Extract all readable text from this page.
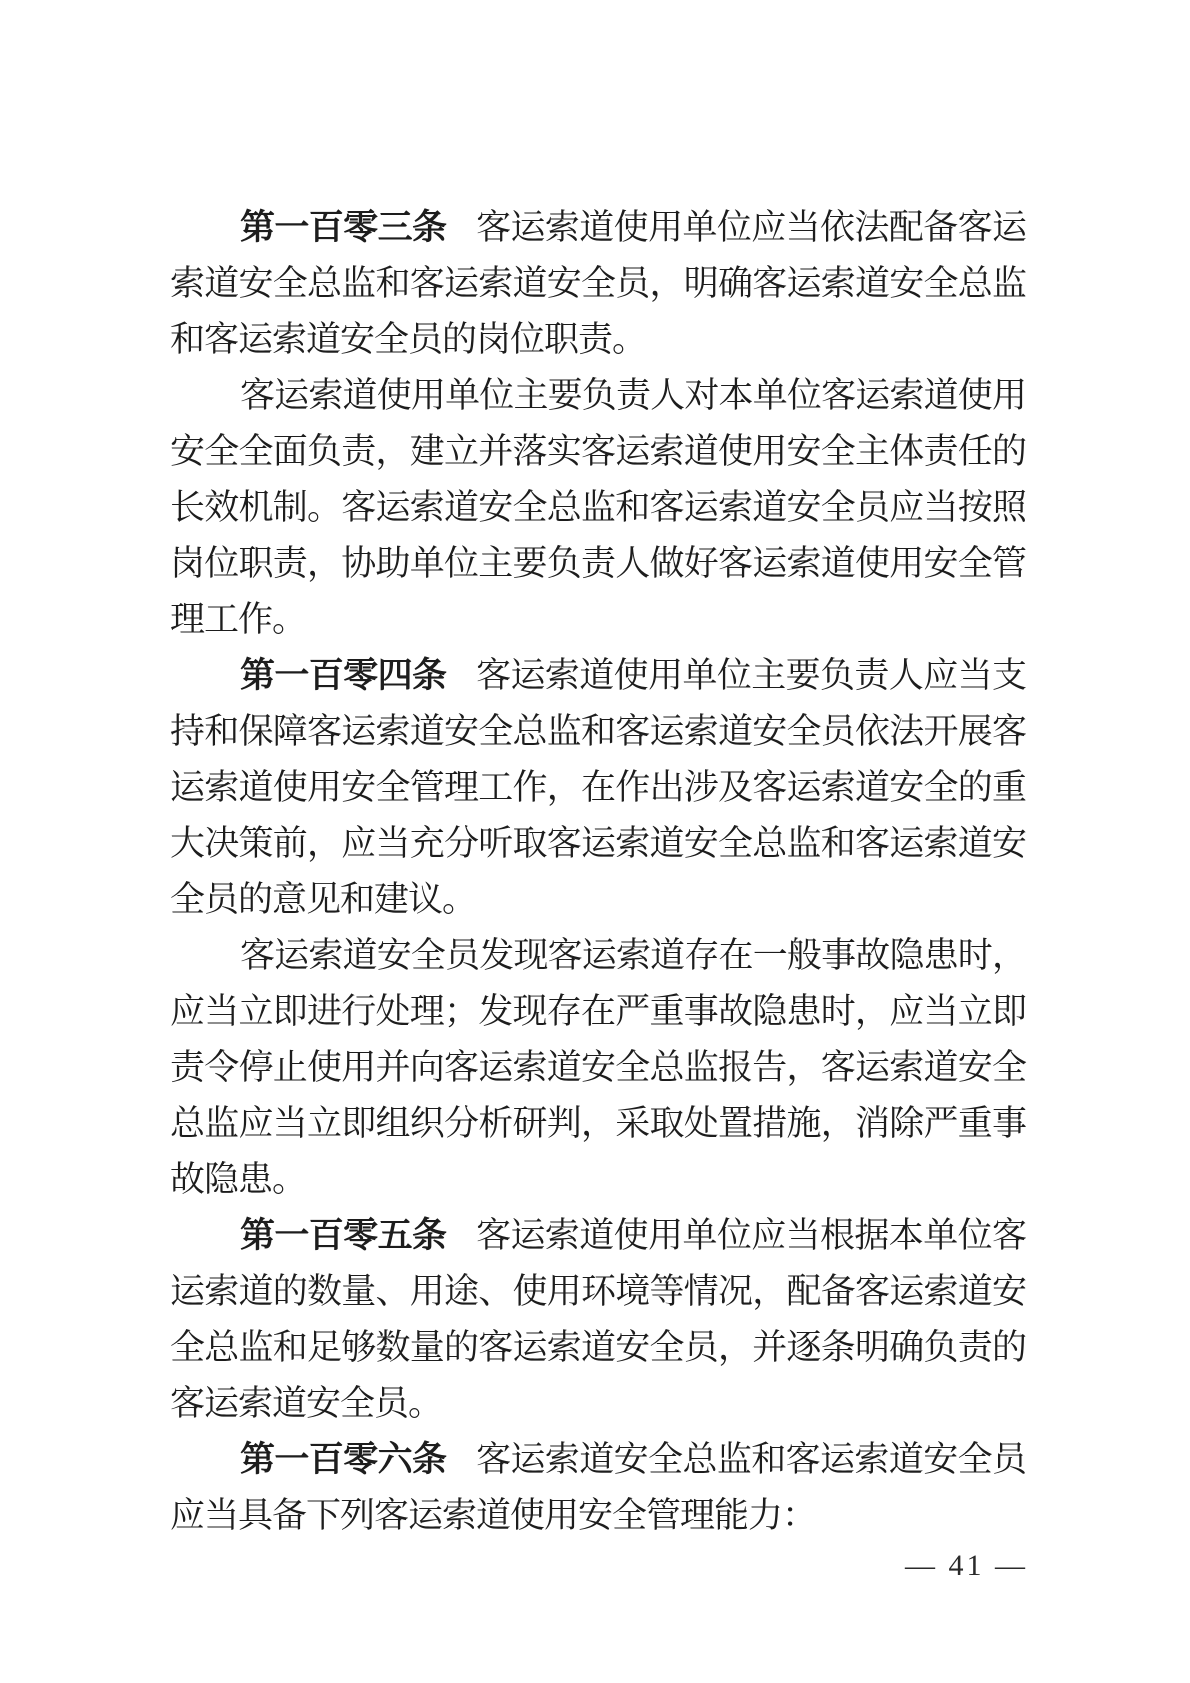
第一百零三条 客运索道使用单位应当依法配备客运索道安全总监和客运索道安全员，明确客运索道安全总监和客运索道安全员的岗位职责。

客运索道使用单位主要负责人对本单位客运索道使用安全全面负责，建立并落实客运索道使用安全主体责任的长效机制。客运索道安全总监和客运索道安全员应当按照岗位职责，协助单位主要负责人做好客运索道使用安全管理工作。

第一百零四条 客运索道使用单位主要负责人应当支持和保障客运索道安全总监和客运索道安全员依法开展客运索道使用安全管理工作，在作出涉及客运索道安全的重大决策前，应当充分听取客运索道安全总监和客运索道安全员的意见和建议。

客运索道安全员发现客运索道存在一般事故隐患时，应当立即进行处理；发现存在严重事故隐患时，应当立即责令停止使用并向客运索道安全总监报告，客运索道安全总监应当立即组织分析研判，采取处置措施，消除严重事故隐患。

第一百零五条 客运索道使用单位应当根据本单位客运索道的数量、用途、使用环境等情况，配备客运索道安全总监和足够数量的客运索道安全员，并逐条明确负责的客运索道安全员。

第一百零六条 客运索道安全总监和客运索道安全员应当具备下列客运索道使用安全管理能力：

— 41 —
